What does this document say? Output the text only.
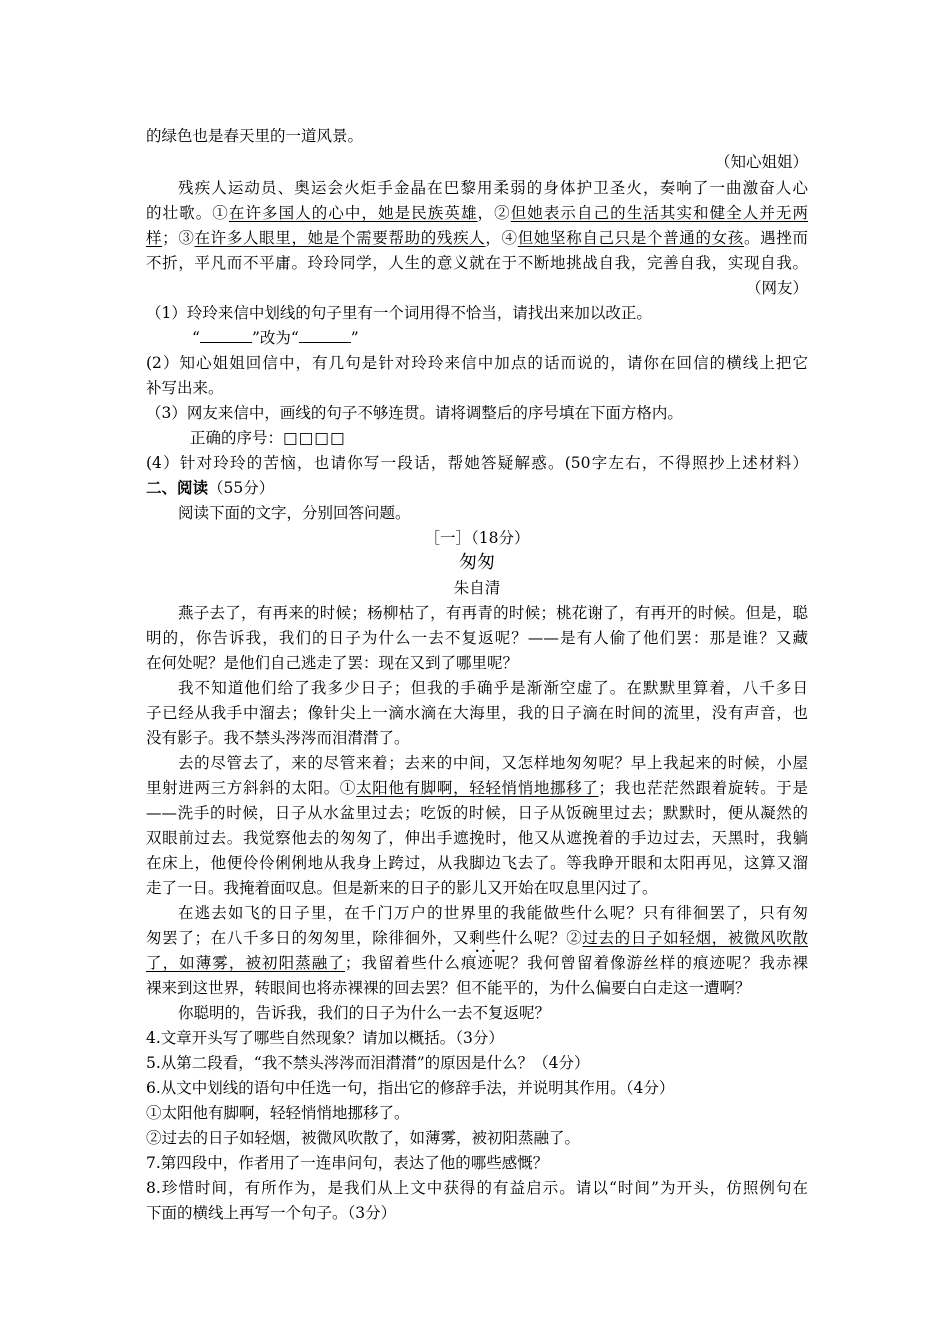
的绿色也是春天里的一道风景。
（知心姐姐）
残疾人运动员、奥运会火炬手金晶在巴黎用柔弱的身体护卫圣火，奏响了一曲激奋人心
的壮歌。①在许多国人的心中，她是民族英雄，②但她表示自己的生活其实和健全人并无两
样；③在许多人眼里，她是个需要帮助的残疾人，④但她坚称自己只是个普通的女孩。遇挫而
不折，平凡而不平庸。玲玲同学，人生的意义就在于不断地挑战自我，完善自我，实现自我。
（网友）
（1）玲玲来信中划线的句子里有一个词用得不恰当，请找出来加以改正。
“	”改为“	”
(2）知心姐姐回信中，有几句是针对玲玲来信中加点的话而说的，请你在回信的横线上把它
补写出来。
（3）网友来信中，画线的句子不够连贯。请将调整后的序号填在下面方格内。
正确的序号：□□□□
(4）针对玲玲的苦恼，也请你写一段话，帮她答疑解惑。(50字左右，不得照抄上述材料）
二、阅读（55分）
阅读下面的文字，分别回答问题。
［一］（18分）
匆匆
朱自清
燕子去了，有再来的时候；杨柳枯了，有再青的时候；桃花谢了，有再开的时候。但是，聪
明的，你告诉我，我们的日子为什么一去不复返呢？——是有人偷了他们罢：那是谁？又藏
在何处呢？是他们自己逃走了罢：现在又到了哪里呢？
我不知道他们给了我多少日子；但我的手确乎是渐渐空虚了。在默默里算着，八千多日
子已经从我手中溜去；像针尖上一滴水滴在大海里，我的日子滴在时间的流里，没有声音，也
没有影子。我不禁头涔涔而泪潸潸了。
去的尽管去了，来的尽管来着；去来的中间，又怎样地匆匆呢？早上我起来的时候，小屋
里射进两三方斜斜的太阳。①太阳他有脚啊，轻轻悄悄地挪移了；我也茫茫然跟着旋转。于是
——洗手的时候，日子从水盆里过去；吃饭的时候，日子从饭碗里过去；默默时，便从凝然的
双眼前过去。我觉察他去的匆匆了，伸出手遮挽时，他又从遮挽着的手边过去，天黑时，我躺
在床上，他便伶伶俐俐地从我身上跨过，从我脚边飞去了。等我睁开眼和太阳再见，这算又溜
走了一日。我掩着面叹息。但是新来的日子的影儿又开始在叹息里闪过了。
在逃去如飞的日子里，在千门万户的世界里的我能做些什么呢？只有徘徊罢了，只有匆
匆罢了；在八千多日的匆匆里，除徘徊外，又剩些什么呢？②过去的日子如轻烟，被微风吹散
了，如薄雾，被初阳蒸融了；我留着些什么痕迹呢？我何曾留着像游丝样的痕迹呢？我赤裸
裸来到这世界，转眼间也将赤裸裸的回去罢？但不能平的，为什么偏要白白走这一遭啊？
你聪明的，告诉我，我们的日子为什么一去不复返呢？
4.文章开头写了哪些自然现象？请加以概括。（3分）
5.从第二段看，“我不禁头涔涔而泪潸潸”的原因是什么？（4分）
6.从文中划线的语句中任选一句，指出它的修辞手法，并说明其作用。（4分）
①太阳他有脚啊，轻轻悄悄地挪移了。
②过去的日子如轻烟，被微风吹散了，如薄雾，被初阳蒸融了。
7.第四段中，作者用了一连串问句，表达了他的哪些感慨？
8.珍惜时间，有所作为，是我们从上文中获得的有益启示。请以“时间”为开头，仿照例句在
下面的横线上再写一个句子。（3分）
